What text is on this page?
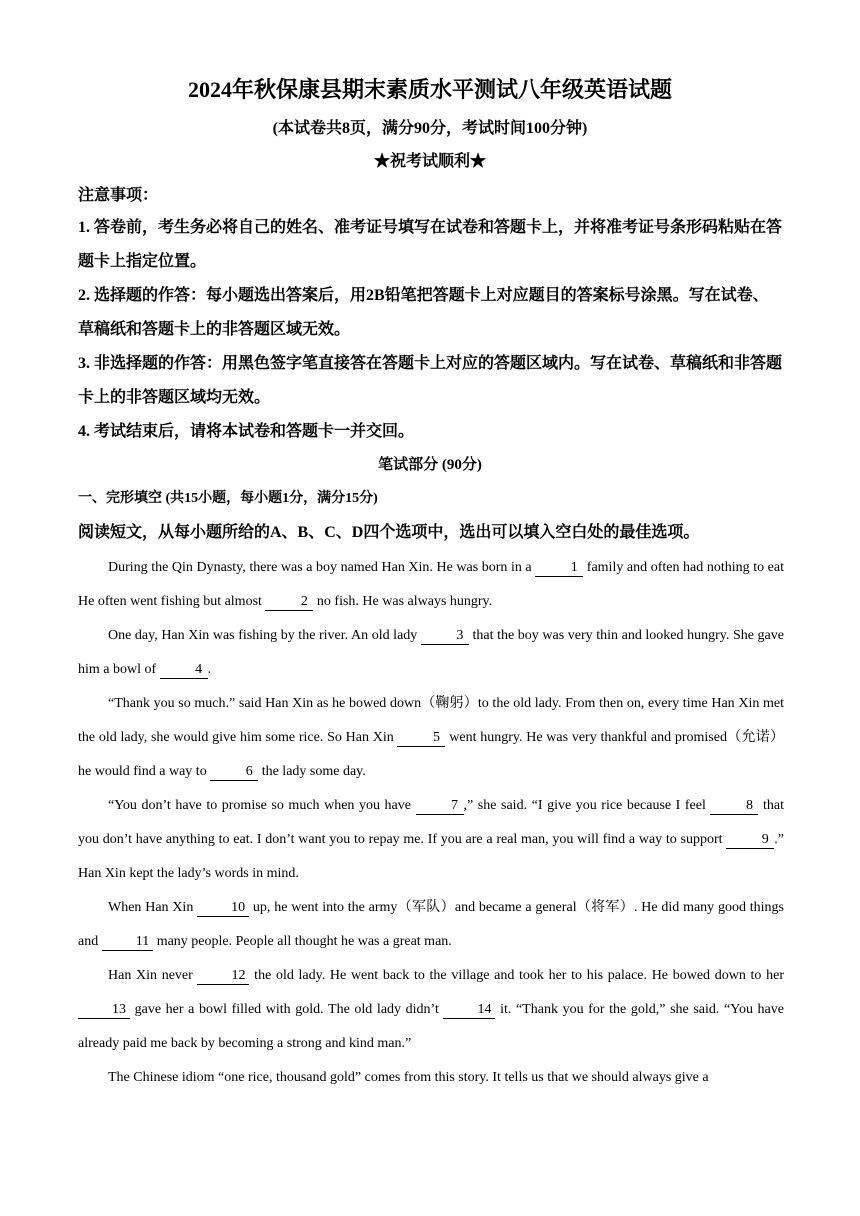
2024年秋保康县期末素质水平测试八年级英语试题
(本试卷共8页，满分90分，考试时间100分钟)
★祝考试顺利★
注意事项：
1. 答卷前，考生务必将自己的姓名、准考证号填写在试卷和答题卡上，并将准考证号条形码粘贴在答题卡上指定位置。
2. 选择题的作答：每小题选出答案后，用2B铅笔把答题卡上对应题目的答案标号涂黑。写在试卷、草稿纸和答题卡上的非答题区域无效。
3. 非选择题的作答：用黑色签字笔直接答在答题卡上对应的答题区域内。写在试卷、草稿纸和非答题卡上的非答题区域均无效。
4. 考试结束后，请将本试卷和答题卡一并交回。
笔试部分 (90分)
一、完形填空 (共15小题，每小题1分，满分15分)
阅读短文，从每小题所给的A、B、C、D四个选项中，选出可以填入空白处的最佳选项。

During the Qin Dynasty, there was a boy named Han Xin. He was born in a	1 family and often had nothing to eat He often went fishing but almost	2 no fish. He was always hungry.

One day, Han Xin was fishing by the river. An old lady	3 that the boy was very thin and looked hungry. She gave him a bowl of	4 .

“Thank you so much.” said Han Xin as he bowed down（鞠躬）to the old lady. From then on, every time Han Xin met the old lady, she would give him some rice. So Han Xin	5 went hungry. He was very thankful and promised（允诺）he would find a way to	6 the lady some day.

“You don’t have to promise so much when you have	7 ,” she said. “I give you rice because I feel	8 that you don’t have anything to eat. I don’t want you to repay me. If you are a real man, you will find a way to support	9 .” Han Xin kept the lady’s words in mind.

When Han Xin 10 up, he went into the army（军队）and became a general（将军）. He did many good things and 11 many people. People all thought he was a great man.

Han Xin never 12 the old lady. He went back to the village and took her to his palace. He bowed down to her 13 gave her a bowl filled with gold. The old lady didn’t 14 it. “Thank you for the gold,” she said. “You have already paid me back by becoming a strong and kind man.”

The Chinese idiom “one rice, thousand gold” comes from this story. It tells us that we should always give a
